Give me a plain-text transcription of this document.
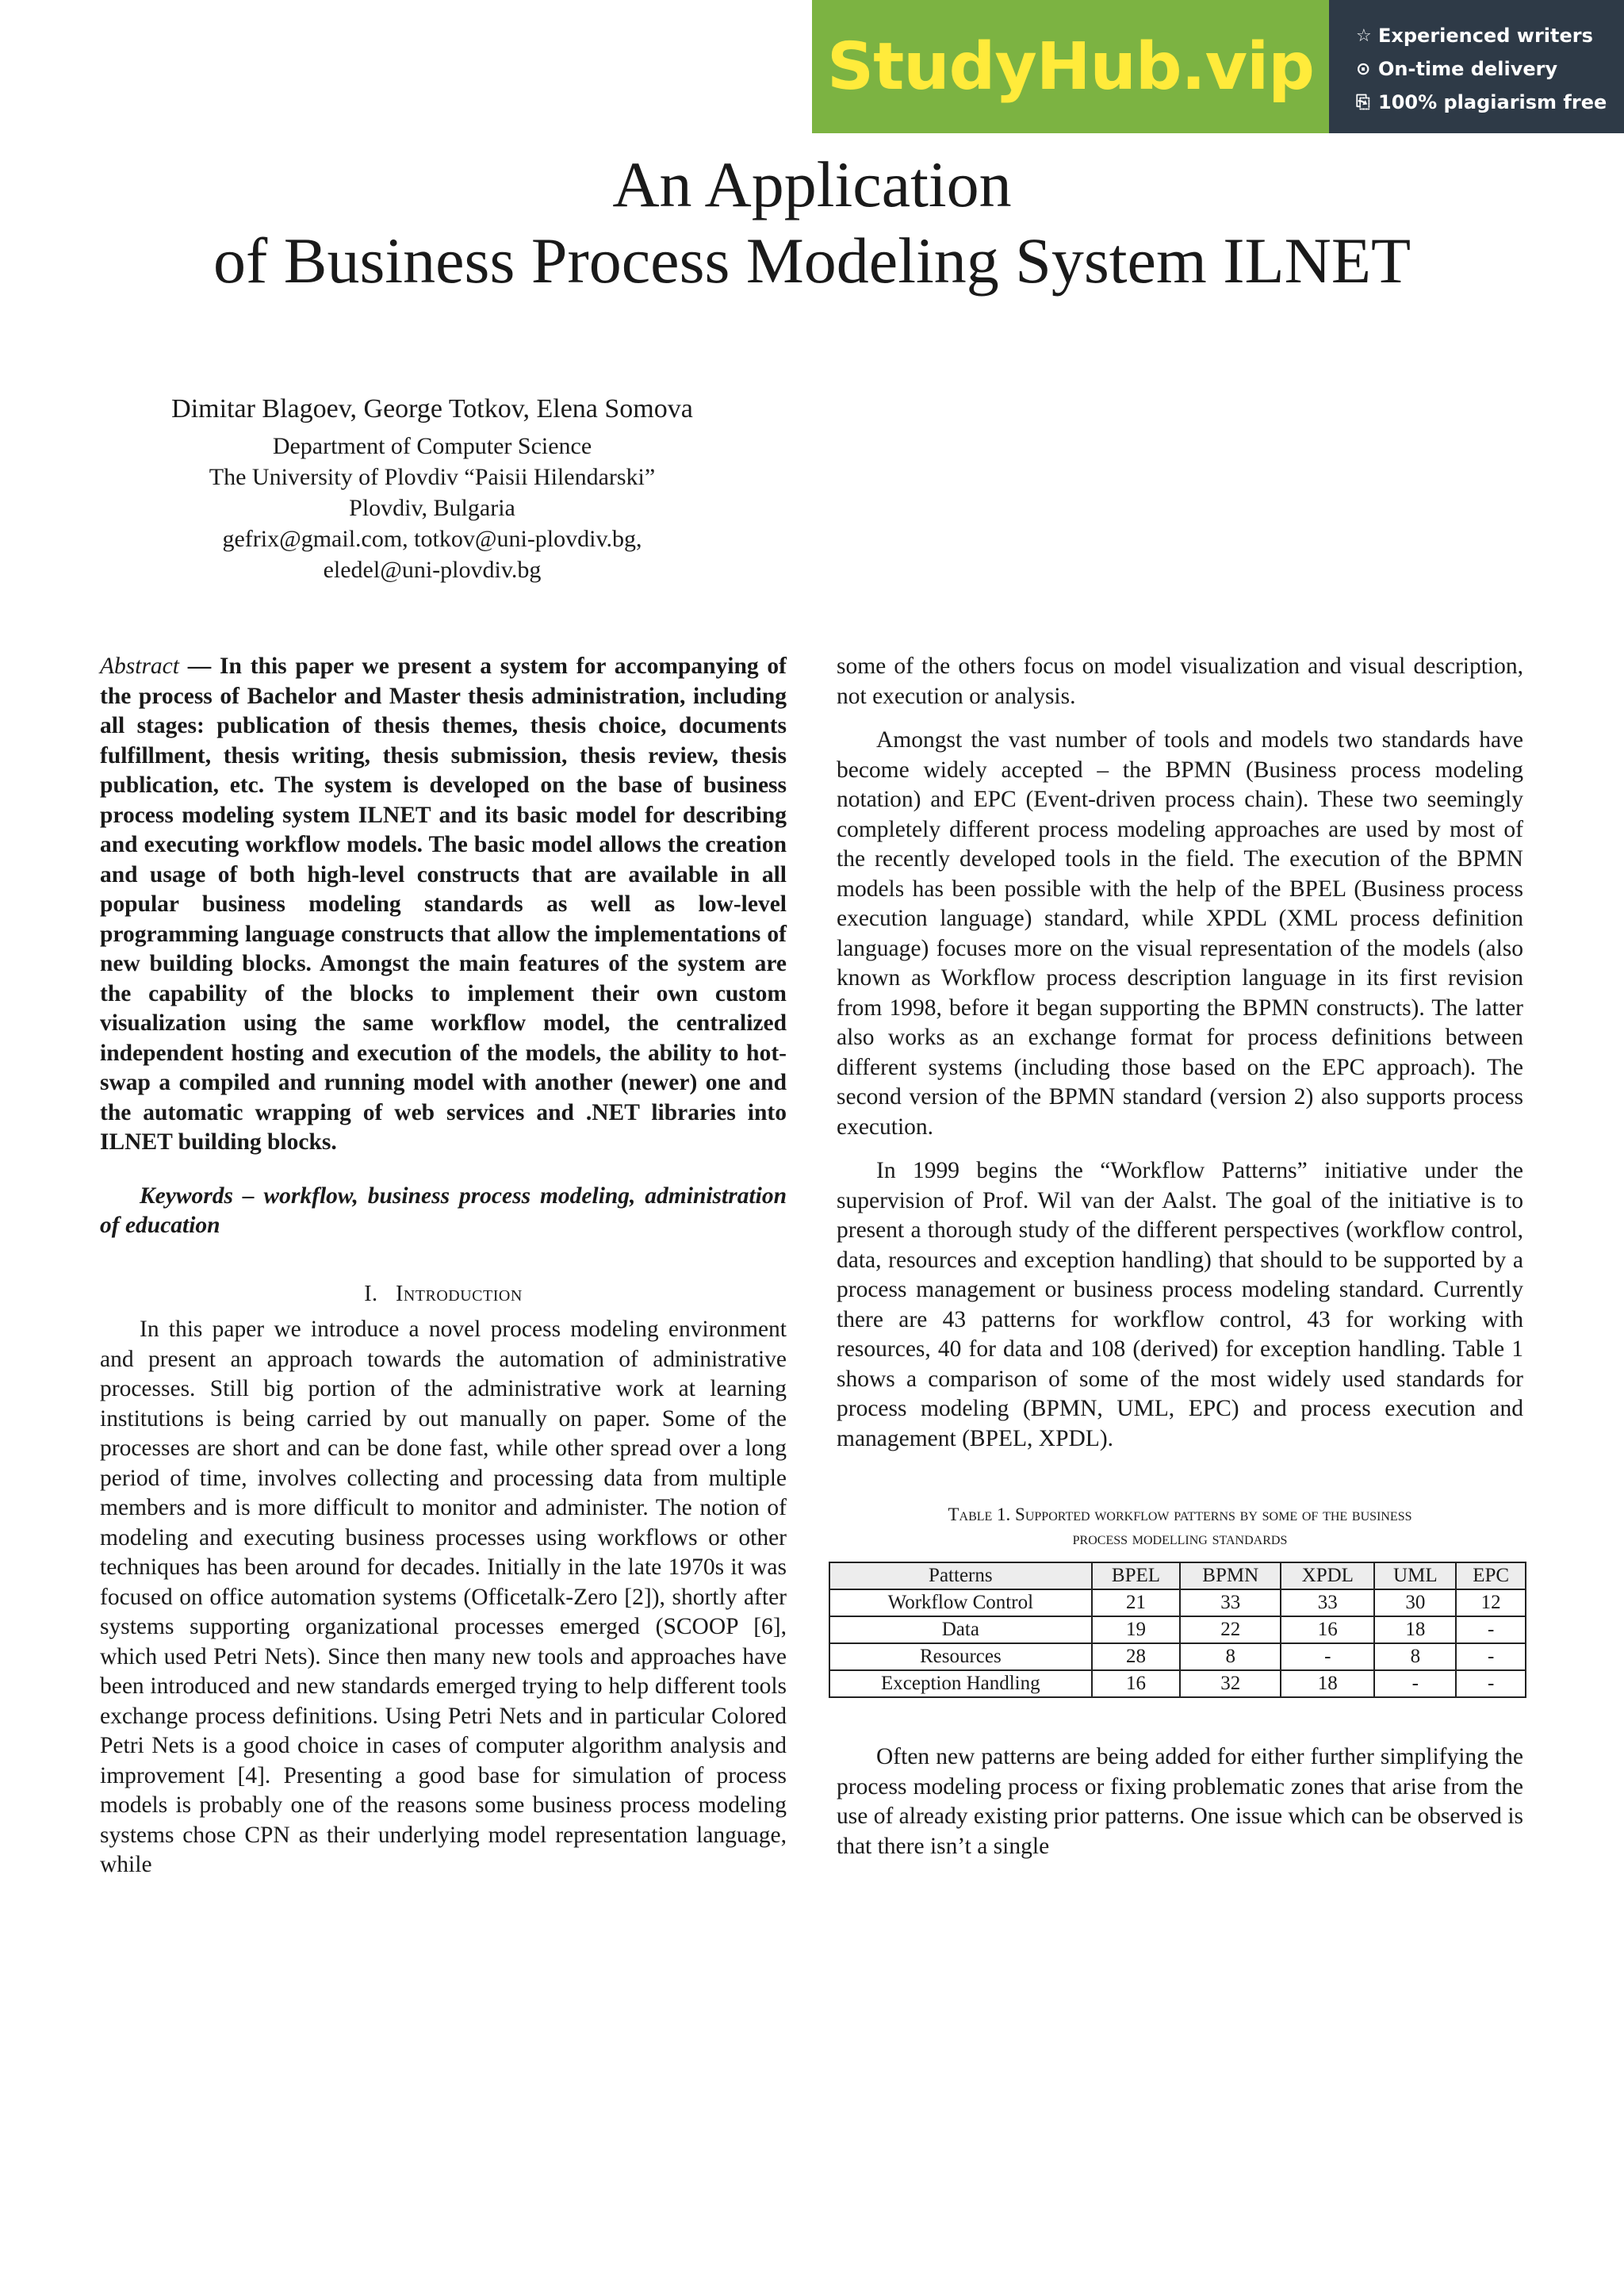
StudyHub.vip ☆ Experienced writers
⊙ On-time delivery
⎘ 100% plagiarism free
An Application
of Business Process Modeling System ILNET
Dimitar Blagoev, George Totkov, Elena Somova
Department of Computer Science
The University of Plovdiv “Paisii Hilendarski”
Plovdiv, Bulgaria
gefrix@gmail.com, totkov@uni-plovdiv.bg,
eledel@uni-plovdiv.bg

Abstract — In this paper we present a system for accompanying of the process of Bachelor and Master thesis administration, including all stages: publication of thesis themes, thesis choice, documents fulfillment, thesis writing, thesis submission, thesis review, thesis publication, etc. The system is developed on the base of business process modeling system ILNET and its basic model for describing and executing workflow models. The basic model allows the creation and usage of both high-level constructs that are available in all popular business modeling standards as well as low-level programming language constructs that allow the implementations of new building blocks. Amongst the main features of the system are the capability of the blocks to implement their own custom visualization using the same workflow model, the centralized independent hosting and execution of the models, the ability to hot-swap a compiled and running model with another (newer) one and the automatic wrapping of web services and .NET libraries into ILNET building blocks.

Keywords – workflow, business process modeling, administration of education

I. Introduction

In this paper we introduce a novel process modeling environment and present an approach towards the automation of administrative processes. Still big portion of the administrative work at learning institutions is being carried by out manually on paper. Some of the processes are short and can be done fast, while other spread over a long period of time, involves collecting and processing data from multiple members and is more difficult to monitor and administer. The notion of modeling and executing business processes using workflows or other techniques has been around for decades. Initially in the late 1970s it was focused on office automation systems (Officetalk-Zero [2]), shortly after systems supporting organizational processes emerged (SCOOP [6], which used Petri Nets). Since then many new tools and approaches have been introduced and new standards emerged trying to help different tools exchange process definitions. Using Petri Nets and in particular Colored Petri Nets is a good choice in cases of computer algorithm analysis and improvement [4]. Presenting a good base for simulation of process models is probably one of the reasons some business process modeling systems chose CPN as their underlying model representation language, while

some of the others focus on model visualization and visual description, not execution or analysis.

Amongst the vast number of tools and models two standards have become widely accepted – the BPMN (Business process modeling notation) and EPC (Event-driven process chain). These two seemingly completely different process modeling approaches are used by most of the recently developed tools in the field. The execution of the BPMN models has been possible with the help of the BPEL (Business process execution language) standard, while XPDL (XML process definition language) focuses more on the visual representation of the models (also known as Workflow process description language in its first revision from 1998, before it began supporting the BPMN constructs). The latter also works as an exchange format for process definitions between different systems (including those based on the EPC approach). The second version of the BPMN standard (version 2) also supports process execution.

In 1999 begins the “Workflow Patterns” initiative under the supervision of Prof. Wil van der Aalst. The goal of the initiative is to present a thorough study of the different perspectives (workflow control, data, resources and exception handling) that should to be supported by a process management or business process modeling standard. Currently there are 43 patterns for workflow control, 43 for working with resources, 40 for data and 108 (derived) for exception handling. Table 1 shows a comparison of some of the most widely used standards for process modeling (BPMN, UML, EPC) and process execution and management (BPEL, XPDL).

Table 1. Supported workflow patterns by some of the business
process modelling standards
Patterns	BPEL	BPMN	XPDL	UML	EPC
Workflow Control	21	33	33	30	12
Data	19	22	16	18	-
Resources	28	8	-	8	-
Exception Handling	16	32	18	-	-

Often new patterns are being added for either further simplifying the process modeling process or fixing problematic zones that arise from the use of already existing prior patterns. One issue which can be observed is that there isn’t a single
